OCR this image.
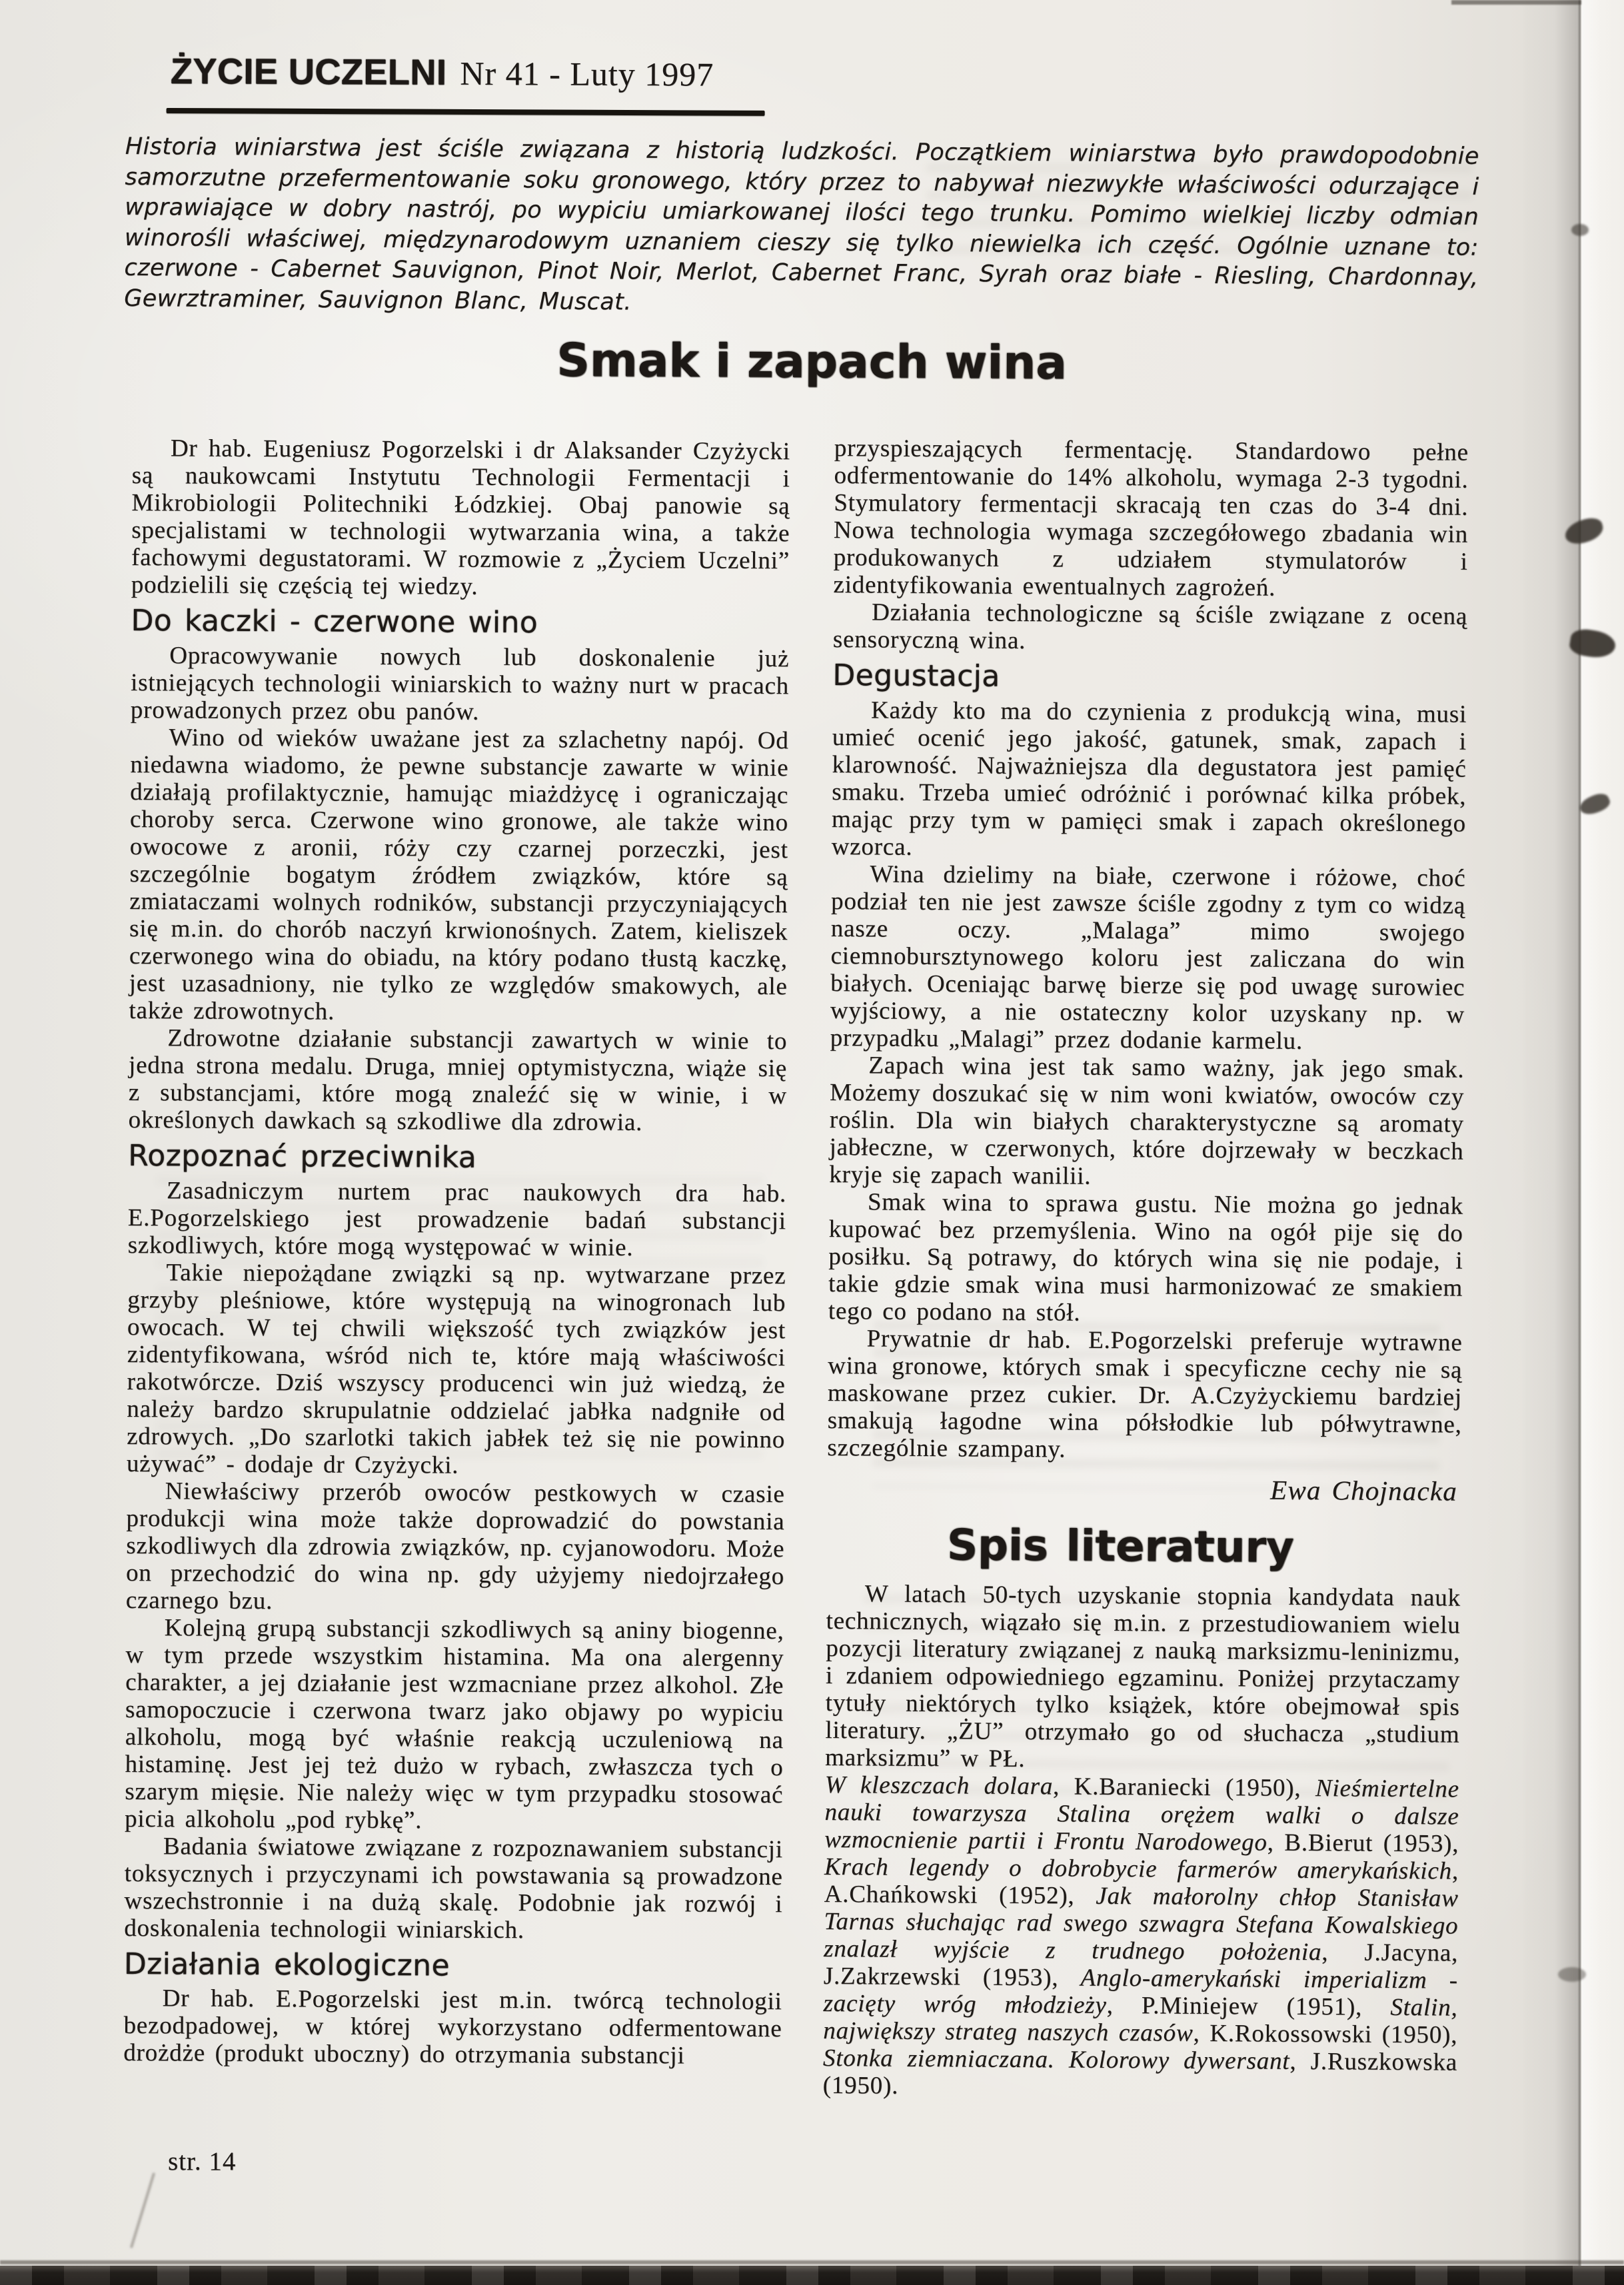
ŻYCIE UCZELNI Nr 41 - Luty 1997

Historia winiarstwa jest ściśle związana z historią ludzkości. Początkiem winiarstwa było prawdopodobnie samorzutne przefermentowanie soku gronowego, który przez to nabywał niezwykłe właściwości odurzające i wprawiające w dobry nastrój, po wypiciu umiarkowanej ilości tego trunku. Pomimo wielkiej liczby odmian winorośli właściwej, międzynarodowym uznaniem cieszy się tylko niewielka ich część. Ogólnie uznane to: czerwone - Cabernet Sauvignon, Pinot Noir, Merlot, Cabernet Franc, Syrah oraz białe - Riesling, Chardonnay, Gewrztraminer, Sauvignon Blanc, Muscat.

Smak i zapach wina

Dr hab. Eugeniusz Pogorzelski i dr Alaksander Czyżycki są naukowcami Instytutu Technologii Fermentacji i Mikrobiologii Politechniki Łódzkiej. Obaj panowie są specjalistami w technologii wytwarzania wina, a także fachowymi degustatorami. W rozmowie z „Życiem Uczelni” podzielili się częścią tej wiedzy.

Do kaczki - czerwone wino

Opracowywanie nowych lub doskonalenie już istniejących technologii winiarskich to ważny nurt w pracach prowadzonych przez obu panów.

Wino od wieków uważane jest za szlachetny napój. Od niedawna wiadomo, że pewne substancje zawarte w winie działają profilaktycznie, hamując miażdżycę i ograniczając choroby serca. Czerwone wino gronowe, ale także wino owocowe z aronii, róży czy czarnej porzeczki, jest szczególnie bogatym źródłem związków, które są zmiataczami wolnych rodników, substancji przyczyniających się m.in. do chorób naczyń krwionośnych. Zatem, kieliszek czerwonego wina do obiadu, na który podano tłustą kaczkę, jest uzasadniony, nie tylko ze względów smakowych, ale także zdrowotnych.

Zdrowotne działanie substancji zawartych w winie to jedna strona medalu. Druga, mniej optymistyczna, wiąże się z substancjami, które mogą znaleźć się w winie, i w określonych dawkach są szkodliwe dla zdrowia.

Rozpoznać przeciwnika

Zasadniczym nurtem prac naukowych dra hab. E.Pogorzelskiego jest prowadzenie badań substancji szkodliwych, które mogą występować w winie.

Takie niepożądane związki są np. wytwarzane przez grzyby pleśniowe, które występują na winogronach lub owocach. W tej chwili większość tych związków jest zidentyfikowana, wśród nich te, które mają właściwości rakotwórcze. Dziś wszyscy producenci win już wiedzą, że należy bardzo skrupulatnie oddzielać jabłka nadgniłe od zdrowych. „Do szarlotki takich jabłek też się nie powinno używać” - dodaje dr Czyżycki.

Niewłaściwy przerób owoców pestkowych w czasie produkcji wina może także doprowadzić do powstania szkodliwych dla zdrowia związków, np. cyjanowodoru. Może on przechodzić do wina np. gdy użyjemy niedojrzałego czarnego bzu.

Kolejną grupą substancji szkodliwych są aniny biogenne, w tym przede wszystkim histamina. Ma ona alergenny charakter, a jej działanie jest wzmacniane przez alkohol. Złe samopoczucie i czerwona twarz jako objawy po wypiciu alkoholu, mogą być właśnie reakcją uczuleniową na histaminę. Jest jej też dużo w rybach, zwłaszcza tych o szarym mięsie. Nie należy więc w tym przypadku stosować picia alkoholu „pod rybkę”.

Badania światowe związane z rozpoznawaniem substancji toksycznych i przyczynami ich powstawania są prowadzone wszechstronnie i na dużą skalę. Podobnie jak rozwój i doskonalenia technologii winiarskich.

Działania ekologiczne

Dr hab. E.Pogorzelski jest m.in. twórcą technologii bezodpadowej, w której wykorzystano odfermentowane drożdże (produkt uboczny) do otrzymania substancji

przyspieszających fermentację. Standardowo pełne odfermentowanie do 14% alkoholu, wymaga 2-3 tygodni. Stymulatory fermentacji skracają ten czas do 3-4 dni. Nowa technologia wymaga szczegółowego zbadania win produkowanych z udziałem stymulatorów i zidentyfikowania ewentualnych zagrożeń.

Działania technologiczne są ściśle związane z oceną sensoryczną wina.

Degustacja

Każdy kto ma do czynienia z produkcją wina, musi umieć ocenić jego jakość, gatunek, smak, zapach i klarowność. Najważniejsza dla degustatora jest pamięć smaku. Trzeba umieć odróżnić i porównać kilka próbek, mając przy tym w pamięci smak i zapach określonego wzorca.

Wina dzielimy na białe, czerwone i różowe, choć podział ten nie jest zawsze ściśle zgodny z tym co widzą nasze oczy. „Malaga” mimo swojego ciemnobursztynowego koloru jest zaliczana do win białych. Oceniając barwę bierze się pod uwagę surowiec wyjściowy, a nie ostateczny kolor uzyskany np. w przypadku „Malagi” przez dodanie karmelu.

Zapach wina jest tak samo ważny, jak jego smak. Możemy doszukać się w nim woni kwiatów, owoców czy roślin. Dla win białych charakterystyczne są aromaty jabłeczne, w czerwonych, które dojrzewały w beczkach kryje się zapach wanilii.

Smak wina to sprawa gustu. Nie można go jednak kupować bez przemyślenia. Wino na ogół pije się do posiłku. Są potrawy, do których wina się nie podaje, i takie gdzie smak wina musi harmonizować ze smakiem tego co podano na stół.

Prywatnie dr hab. E.Pogorzelski preferuje wytrawne wina gronowe, których smak i specyficzne cechy nie są maskowane przez cukier. Dr. A.Czyżyckiemu bardziej smakują łagodne wina półsłodkie lub półwytrawne, szczególnie szampany.

Ewa Chojnacka

Spis literatury

W latach 50-tych uzyskanie stopnia kandydata nauk technicznych, wiązało się m.in. z przestudiowaniem wielu pozycji literatury związanej z nauką marksizmu-leninizmu, i zdaniem odpowiedniego egzaminu. Poniżej przytaczamy tytuły niektórych tylko książek, które obejmował spis literatury. „ŻU” otrzymało go od słuchacza „studium marksizmu” w PŁ.

W kleszczach dolara, K.Baraniecki (1950), Nieśmiertelne nauki towarzysza Stalina orężem walki o dalsze wzmocnienie partii i Frontu Narodowego, B.Bierut (1953), Krach legendy o dobrobycie farmerów amerykańskich, A.Chańkowski (1952), Jak małorolny chłop Stanisław Tarnas słuchając rad swego szwagra Stefana Kowalskiego znalazł wyjście z trudnego położenia, J.Jacyna, J.Zakrzewski (1953), Anglo-amerykański imperializm - zacięty wróg młodzieży, P.Miniejew (1951), Stalin, największy strateg naszych czasów, K.Rokossowski (1950), Stonka ziemniaczana. Kolorowy dywersant, J.Ruszkowska (1950).

str. 14
